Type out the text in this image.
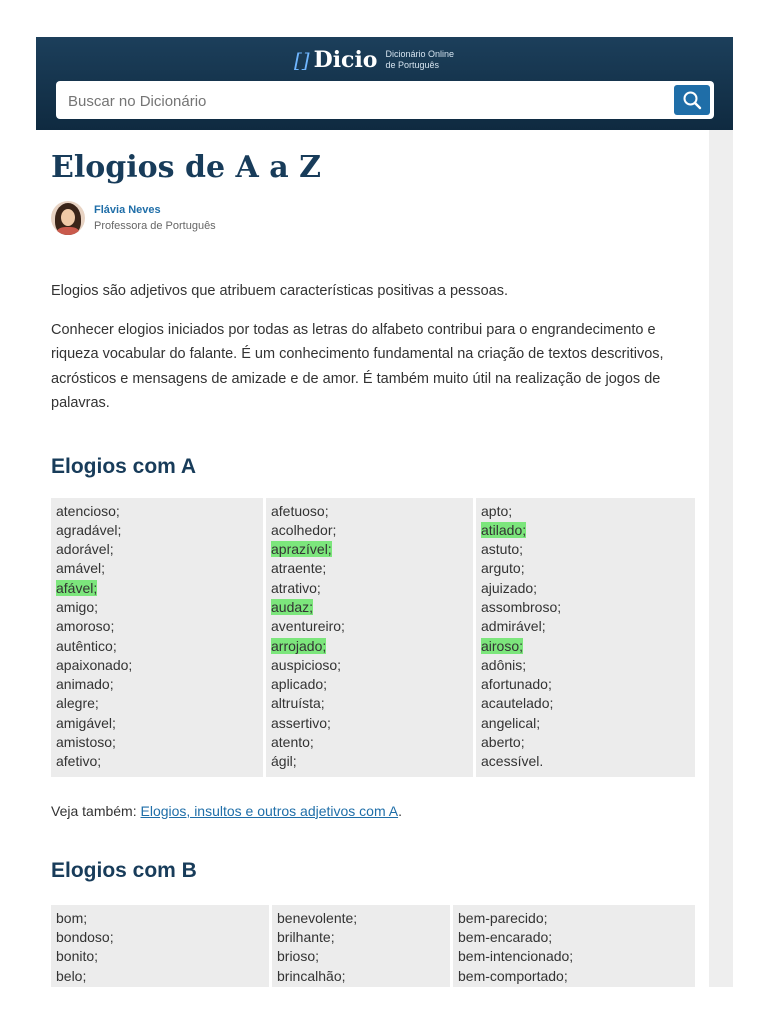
[] Dicio Dicionário Online
de Português
Buscar no Dicionário
Elogios de A a Z
Flávia Neves
Professora de Português

Elogios são adjetivos que atribuem características positivas a pessoas.

Conhecer elogios iniciados por todas as letras do alfabeto contribui para o engrandecimento e riqueza vocabular do falante. É um conhecimento fundamental na criação de textos descritivos, acrósticos e mensagens de amizade e de amor. É também muito útil na realização de jogos de palavras.

Elogios com A
atencioso;
agradável;
adorável;
amável;
afável;
amigo;
amoroso;
autêntico;
apaixonado;
animado;
alegre;
amigável;
amistoso;
afetivo;
afetuoso;
acolhedor;
aprazível;
atraente;
atrativo;
audaz;
aventureiro;
arrojado;
auspicioso;
aplicado;
altruísta;
assertivo;
atento;
ágil;
apto;
atilado;
astuto;
arguto;
ajuizado;
assombroso;
admirável;
airoso;
adônis;
afortunado;
acautelado;
angelical;
aberto;
acessível.
Veja também: Elogios, insultos e outros adjetivos com A.
Elogios com B
bom;
bondoso;
bonito;
belo;
benevolente;
brilhante;
brioso;
brincalhão;
bem-parecido;
bem-encarado;
bem-intencionado;
bem-comportado;
